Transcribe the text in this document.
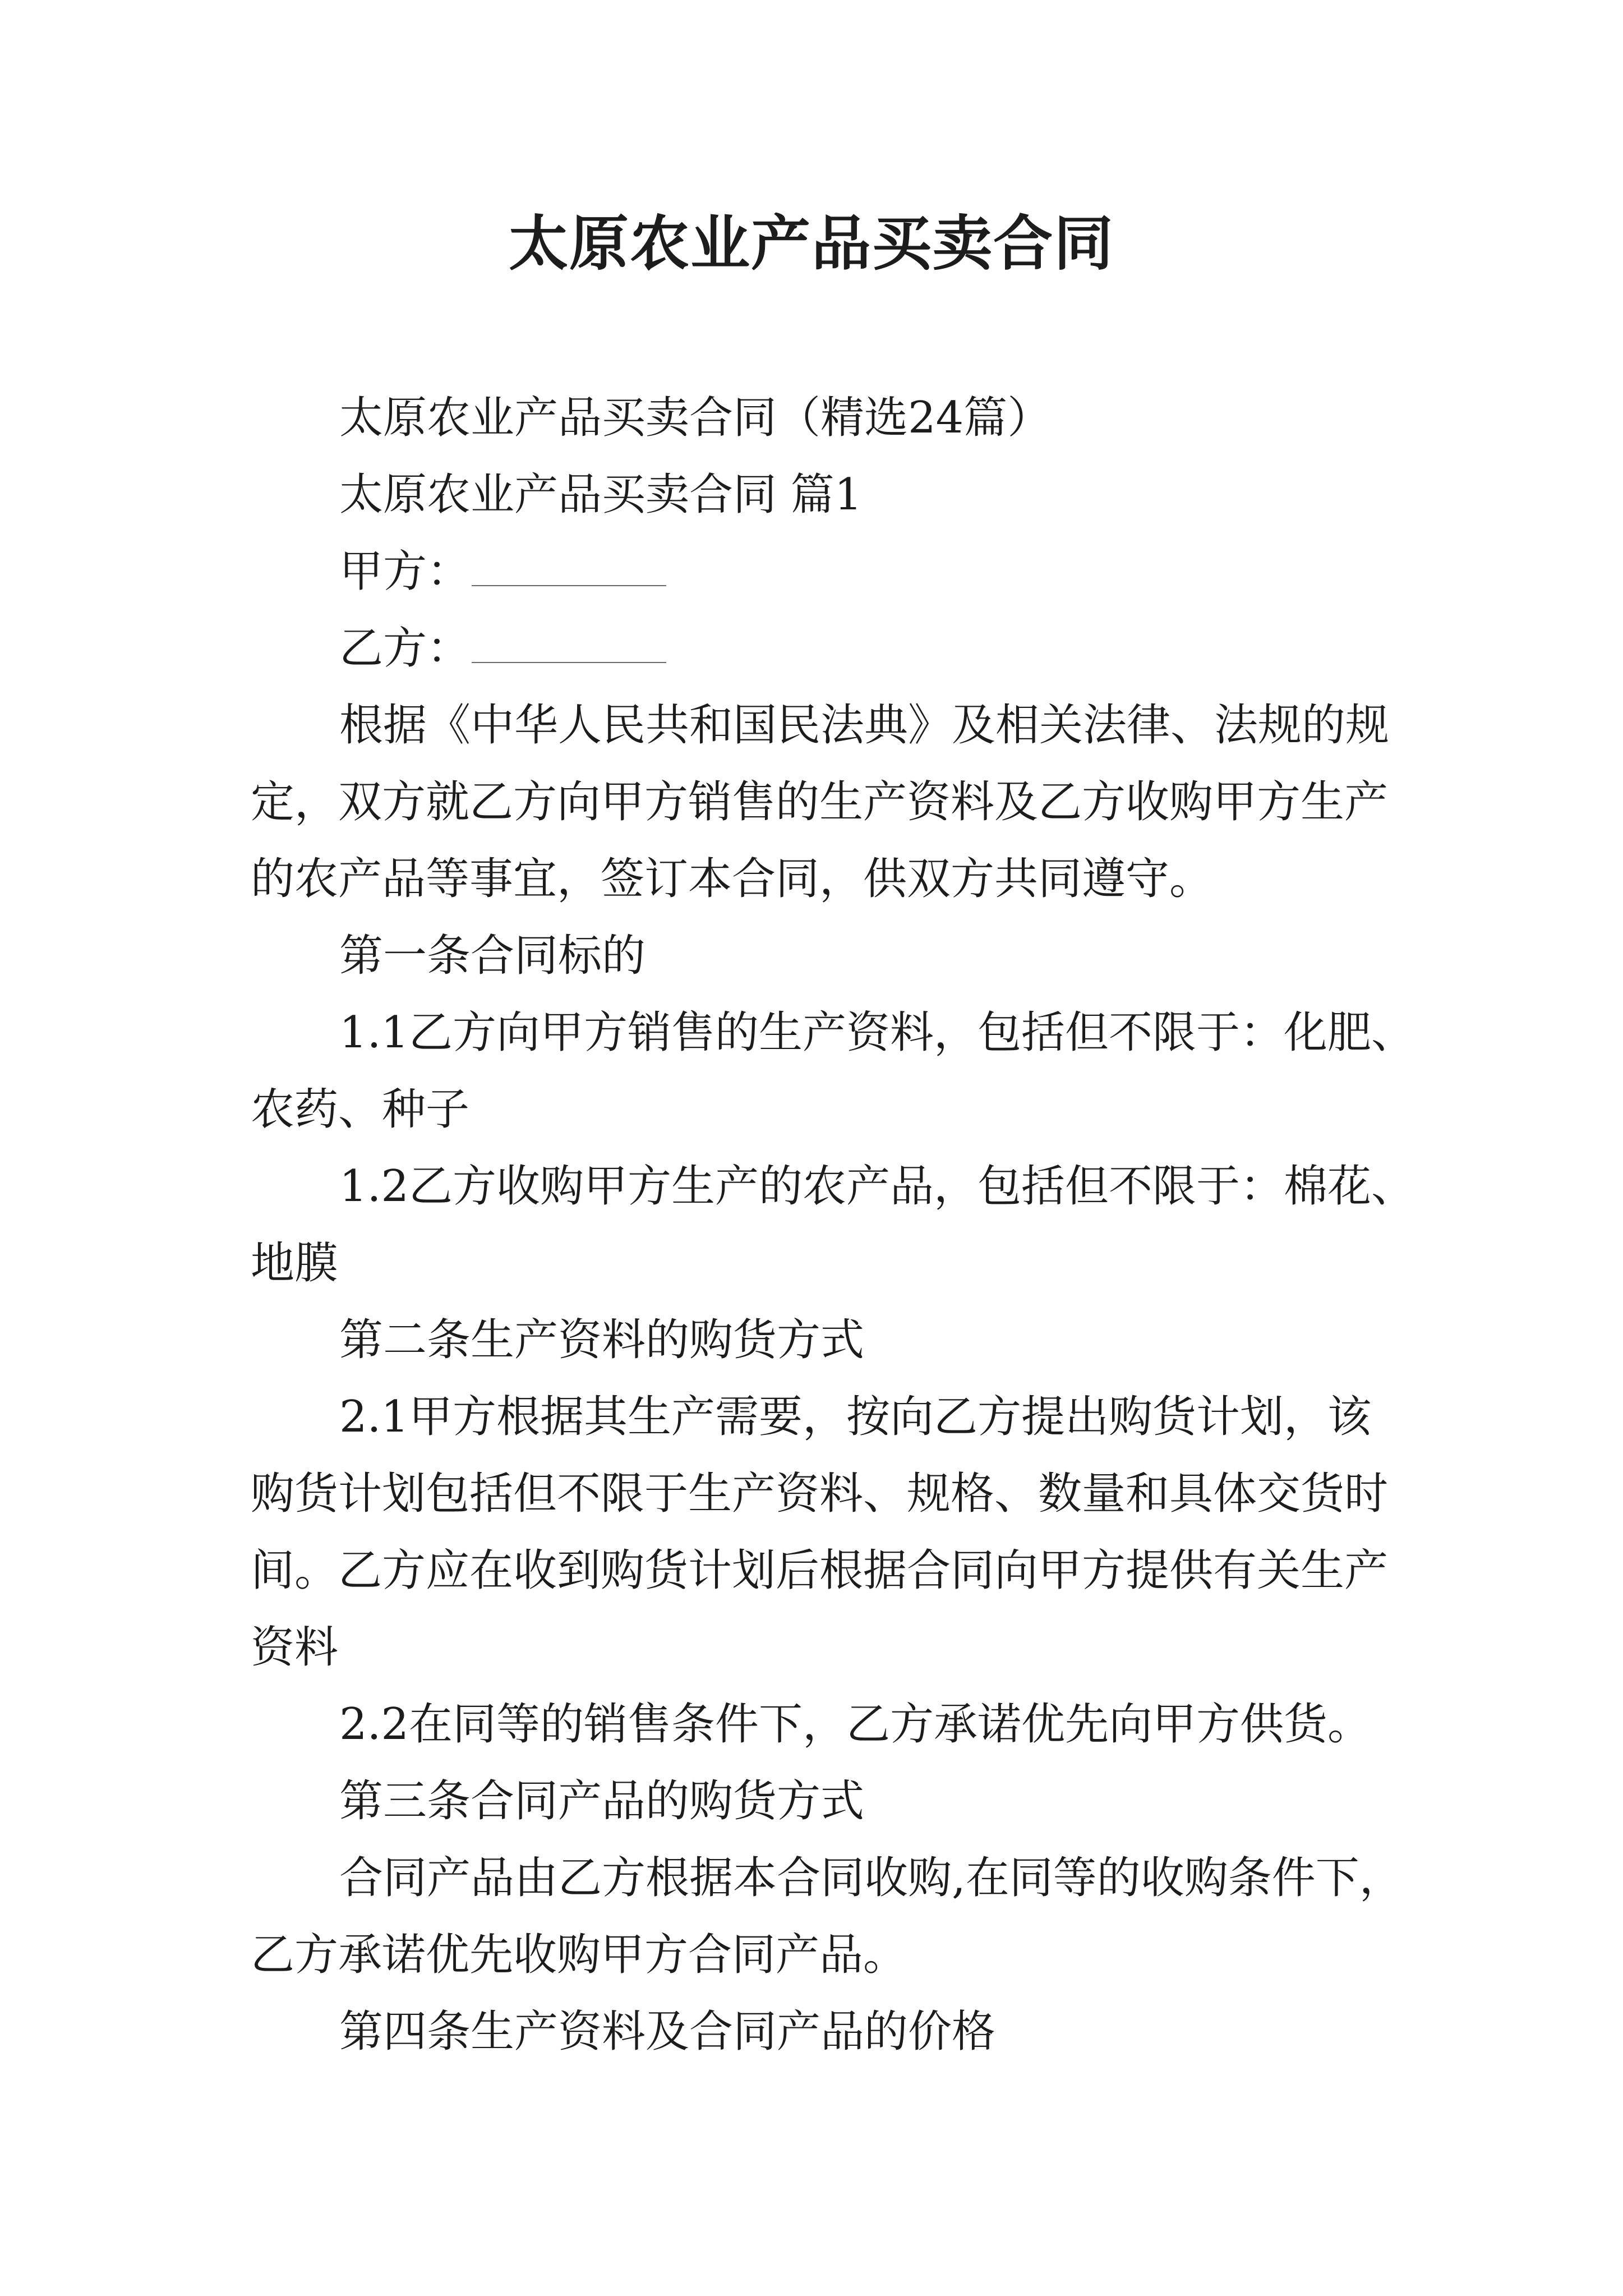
太原农业产品买卖合同
太原农业产品买卖合同（精选24篇）
太原农业产品买卖合同 篇1
甲方：
乙方：
根据《中华人民共和国民法典》及相关法律、法规的规
定，双方就乙方向甲方销售的生产资料及乙方收购甲方生产
的农产品等事宜，签订本合同，供双方共同遵守。
第一条合同标的
1.1乙方向甲方销售的生产资料，包括但不限于：化肥、
农药、种子
1.2乙方收购甲方生产的农产品，包括但不限于：棉花、
地膜
第二条生产资料的购货方式
2.1甲方根据其生产需要，按向乙方提出购货计划，该
购货计划包括但不限于生产资料、规格、数量和具体交货时
间。乙方应在收到购货计划后根据合同向甲方提供有关生产
资料
2.2在同等的销售条件下，乙方承诺优先向甲方供货。
第三条合同产品的购货方式
合同产品由乙方根据本合同收购,在同等的收购条件下，
乙方承诺优先收购甲方合同产品。
第四条生产资料及合同产品的价格
